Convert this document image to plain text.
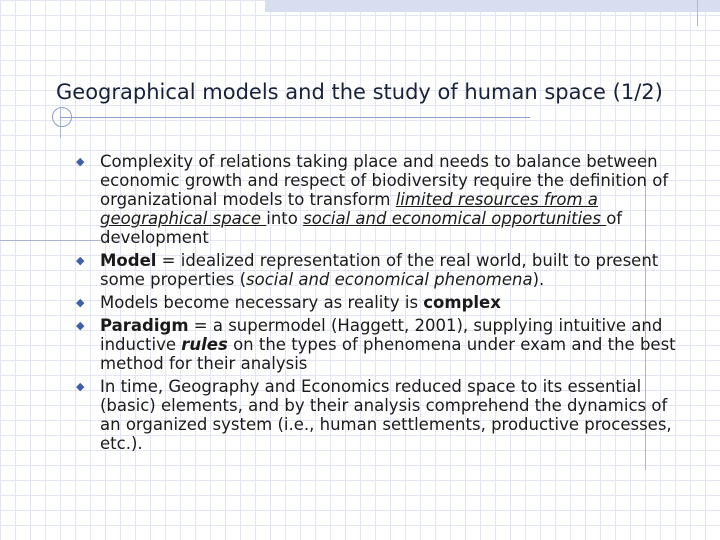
Geographical models and the study of human space (1/2)
◆ Complexity of relations taking place and needs to balance between economic growth and respect of biodiversity require the definition of organizational models to transform limited resources from a geographical space into social and economical opportunities of development
◆ Model = idealized representation of the real world, built to present some properties (social and economical phenomena).
◆ Models become necessary as reality is complex
◆ Paradigm = a supermodel (Haggett, 2001), supplying intuitive and inductive rules on the types of phenomena under exam and the best method for their analysis
◆ In time, Geography and Economics reduced space to its essential (basic) elements, and by their analysis comprehend the dynamics of an organized system (i.e., human settlements, productive processes, etc.).
